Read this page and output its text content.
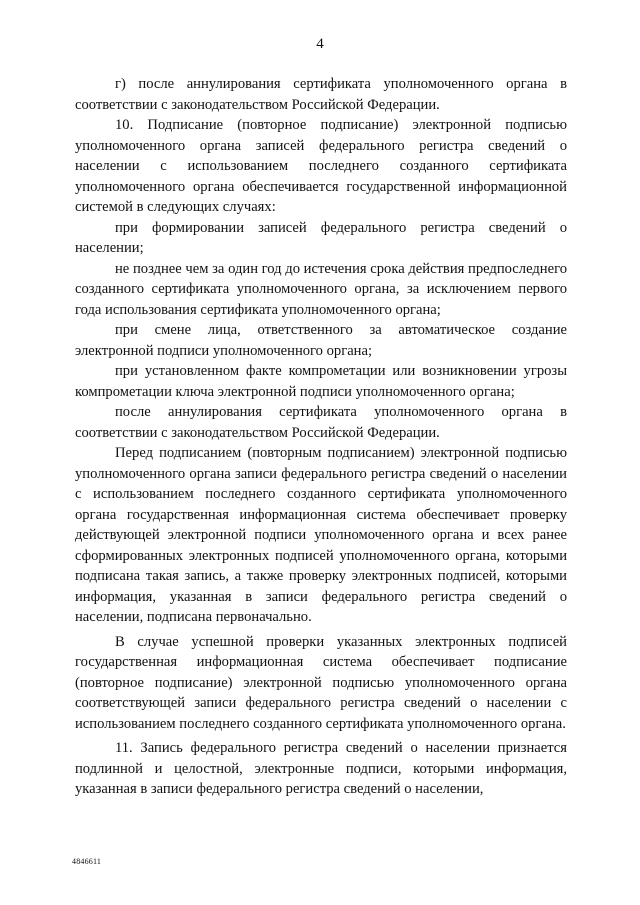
4

г) после аннулирования сертификата уполномоченного органа в соответствии с законодательством Российской Федерации.

10. Подписание (повторное подписание) электронной подписью уполномоченного органа записей федерального регистра сведений о населении с использованием последнего созданного сертификата уполномоченного органа обеспечивается государственной информационной системой в следующих случаях:

при формировании записей федерального регистра сведений о населении;

не позднее чем за один год до истечения срока действия предпоследнего созданного сертификата уполномоченного органа, за исключением первого года использования сертификата уполномоченного органа;

при смене лица, ответственного за автоматическое создание электронной подписи уполномоченного органа;

при установленном факте компрометации или возникновении угрозы компрометации ключа электронной подписи уполномоченного органа;

после аннулирования сертификата уполномоченного органа в соответствии с законодательством Российской Федерации.

Перед подписанием (повторным подписанием) электронной подписью уполномоченного органа записи федерального регистра сведений о населении с использованием последнего созданного сертификата уполномоченного органа государственная информационная система обеспечивает проверку действующей электронной подписи уполномоченного органа и всех ранее сформированных электронных подписей уполномоченного органа, которыми подписана такая запись, а также проверку электронных подписей, которыми информация, указанная в записи федерального регистра сведений о населении, подписана первоначально.

В случае успешной проверки указанных электронных подписей государственная информационная система обеспечивает подписание (повторное подписание) электронной подписью уполномоченного органа соответствующей записи федерального регистра сведений о населении с использованием последнего созданного сертификата уполномоченного органа.

11. Запись федерального регистра сведений о населении признается подлинной и целостной, электронные подписи, которыми информация, указанная в записи федерального регистра сведений о населении,

4846611
